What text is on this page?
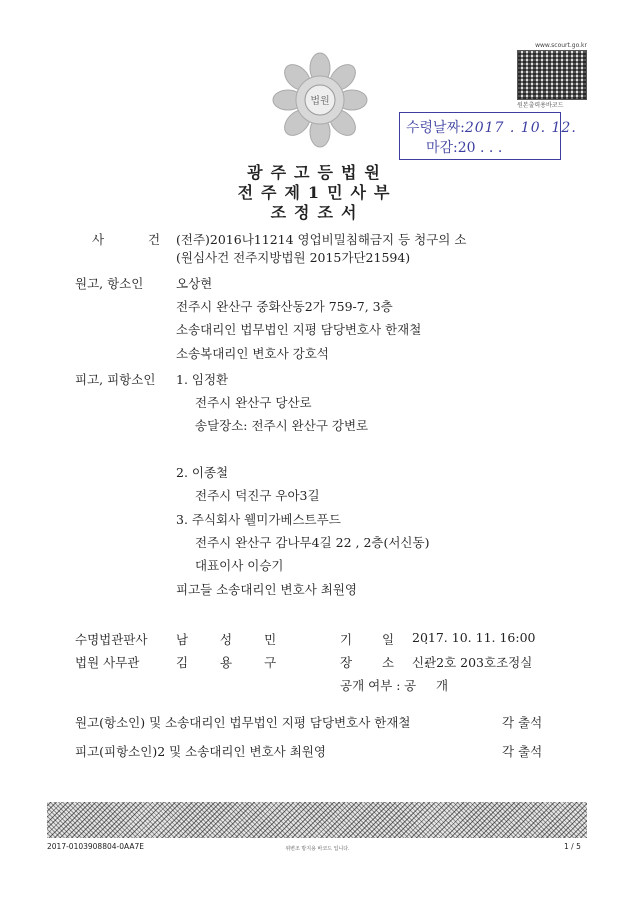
법원
www.scourt.go.kr
원본출력용바코드
수령날짜:2017 . 10. 12.
마감:20 . . .
광주고등법원
전주제1민사부
조정조서
사 건 (전주)2016나11214 영업비밀침해금지 등 청구의 소
(원심사건 전주지방법원 2015가단21594)
원고, 항소인	오상현
전주시 완산구 중화산동2가 759-7, 3층
소송대리인 법무법인 지평 담당변호사 한재철
소송복대리인 변호사 강호석
피고, 피항소인 1. 임정환
전주시 완산구 당산로
송달장소: 전주시 완산구 강변로
2. 이종철
전주시 덕진구 우아3길
3. 주식회사 웰미가베스트푸드
전주시 완산구 감나무4길 22 , 2층(서신동)
대표이사 이승기
피고들 소송대리인 변호사 최원영
수명법관판사 남 성 민	기 일 :
2017. 10. 11. 16:00
법원 사무관	김 용 구	장 소 :
신관2호 203호조정실
공개 여부 : 공 개
원고(항소인) 및 소송대리인 법무법인 지평 담당변호사 한재철	각 출석
피고(피항소인)2 및 소송대리인 변호사 최원영	각 출석
2017-0103908804-0AA7E	위변조 방지용 바코드 입니다.	1 / 5
